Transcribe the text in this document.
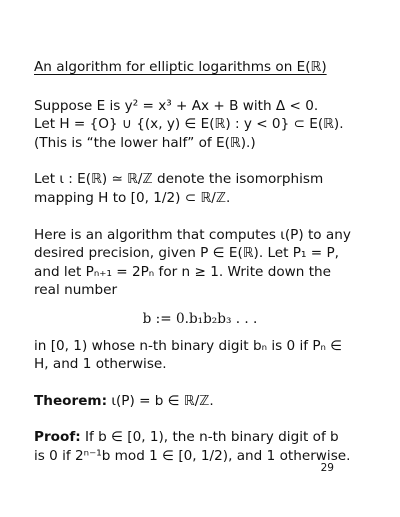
An algorithm for elliptic logarithms on E(ℝ)
Suppose E is y² = x³ + Ax + B with Δ < 0.
Let H = {O} ∪ {(x, y) ∈ E(ℝ) : y < 0} ⊂ E(ℝ).
(This is “the lower half” of E(ℝ).)
Let ι : E(ℝ) ≃ ℝ/ℤ denote the isomorphism
mapping H to [0, 1/2) ⊂ ℝ/ℤ.
Here is an algorithm that computes ι(P) to any
desired precision, given P ∈ E(ℝ). Let P₁ = P,
and let Pₙ₊₁ = 2Pₙ for n ≥ 1. Write down the
real number
b := 0.b₁b₂b₃ . . .
in [0, 1) whose n-th binary digit bₙ is 0 if Pₙ ∈
H, and 1 otherwise.
Theorem: ι(P) = b ∈ ℝ/ℤ.
Proof: If b ∈ [0, 1), the n-th binary digit of b
is 0 if 2ⁿ⁻¹b mod 1 ∈ [0, 1/2), and 1 otherwise.
29
